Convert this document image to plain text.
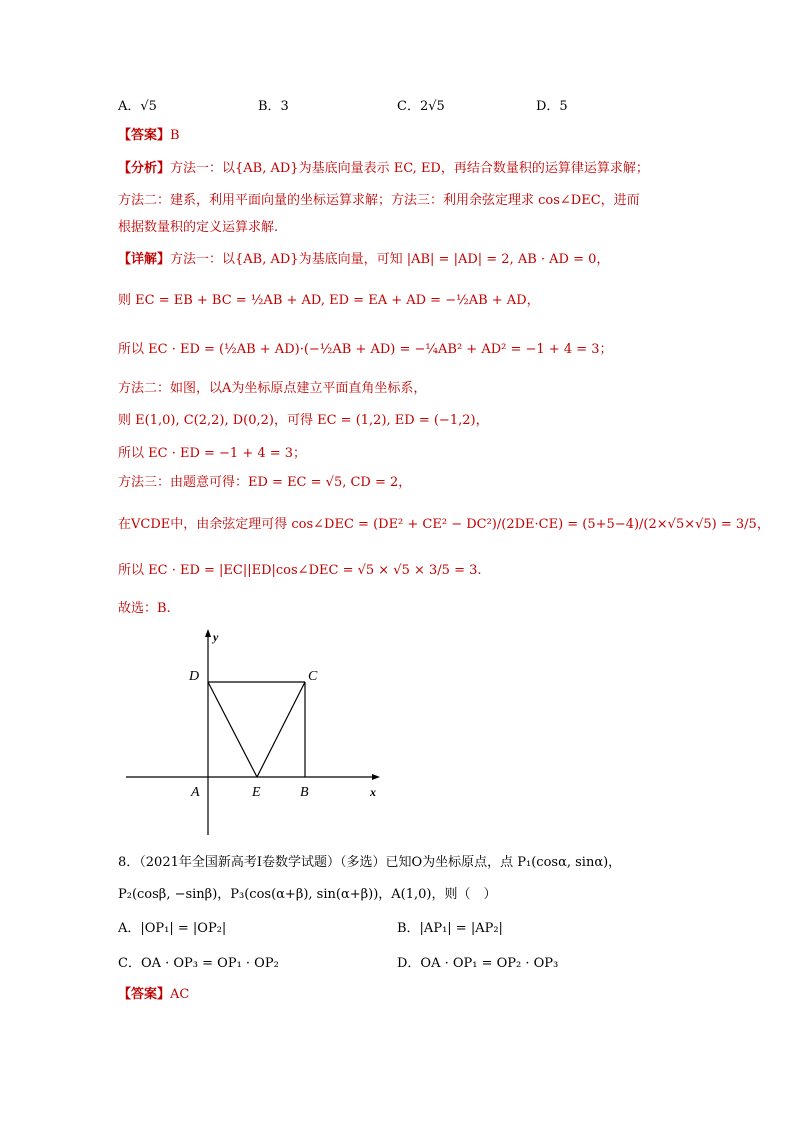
A．√5	B．3	C．2√5	D．5
【答案】B
【分析】方法一：以{AB, AD}为基底向量表示 EC, ED，再结合数量积的运算律运算求解；
方法二：建系，利用平面向量的坐标运算求解；方法三：利用余弦定理求 cos∠DEC，进而
根据数量积的定义运算求解.
【详解】方法一：以{AB, AD}为基底向量，可知 |AB| = |AD| = 2, AB · AD = 0，
则 EC = EB + BC = ½AB + AD, ED = EA + AD = −½AB + AD，
所以 EC · ED = (½AB + AD)·(−½AB + AD) = −¼AB² + AD² = −1 + 4 = 3；
方法二：如图，以A为坐标原点建立平面直角坐标系，
则 E(1,0), C(2,2), D(0,2)，可得 EC = (1,2), ED = (−1,2)，
所以 EC · ED = −1 + 4 = 3；
方法三：由题意可得：ED = EC = √5, CD = 2，
在VCDE中，由余弦定理可得 cos∠DEC = (DE² + CE² − DC²)/(2DE·CE) = (5+5−4)/(2×√5×√5) = 3/5，
所以 EC · ED = |EC||ED|cos∠DEC = √5 × √5 × 3/5 = 3.
故选：B.
y
x
D	C
A	E	B
8．（2021年全国新高考Ⅰ卷数学试题）（多选）已知O为坐标原点，点 P₁(cosα, sinα)，
P₂(cosβ, −sinβ)，P₃(cos(α+β), sin(α+β))，A(1,0)，则（　）
A．|OP₁| = |OP₂|	B．|AP₁| = |AP₂|
C．OA · OP₃ = OP₁ · OP₂	D．OA · OP₁ = OP₂ · OP₃
【答案】AC
